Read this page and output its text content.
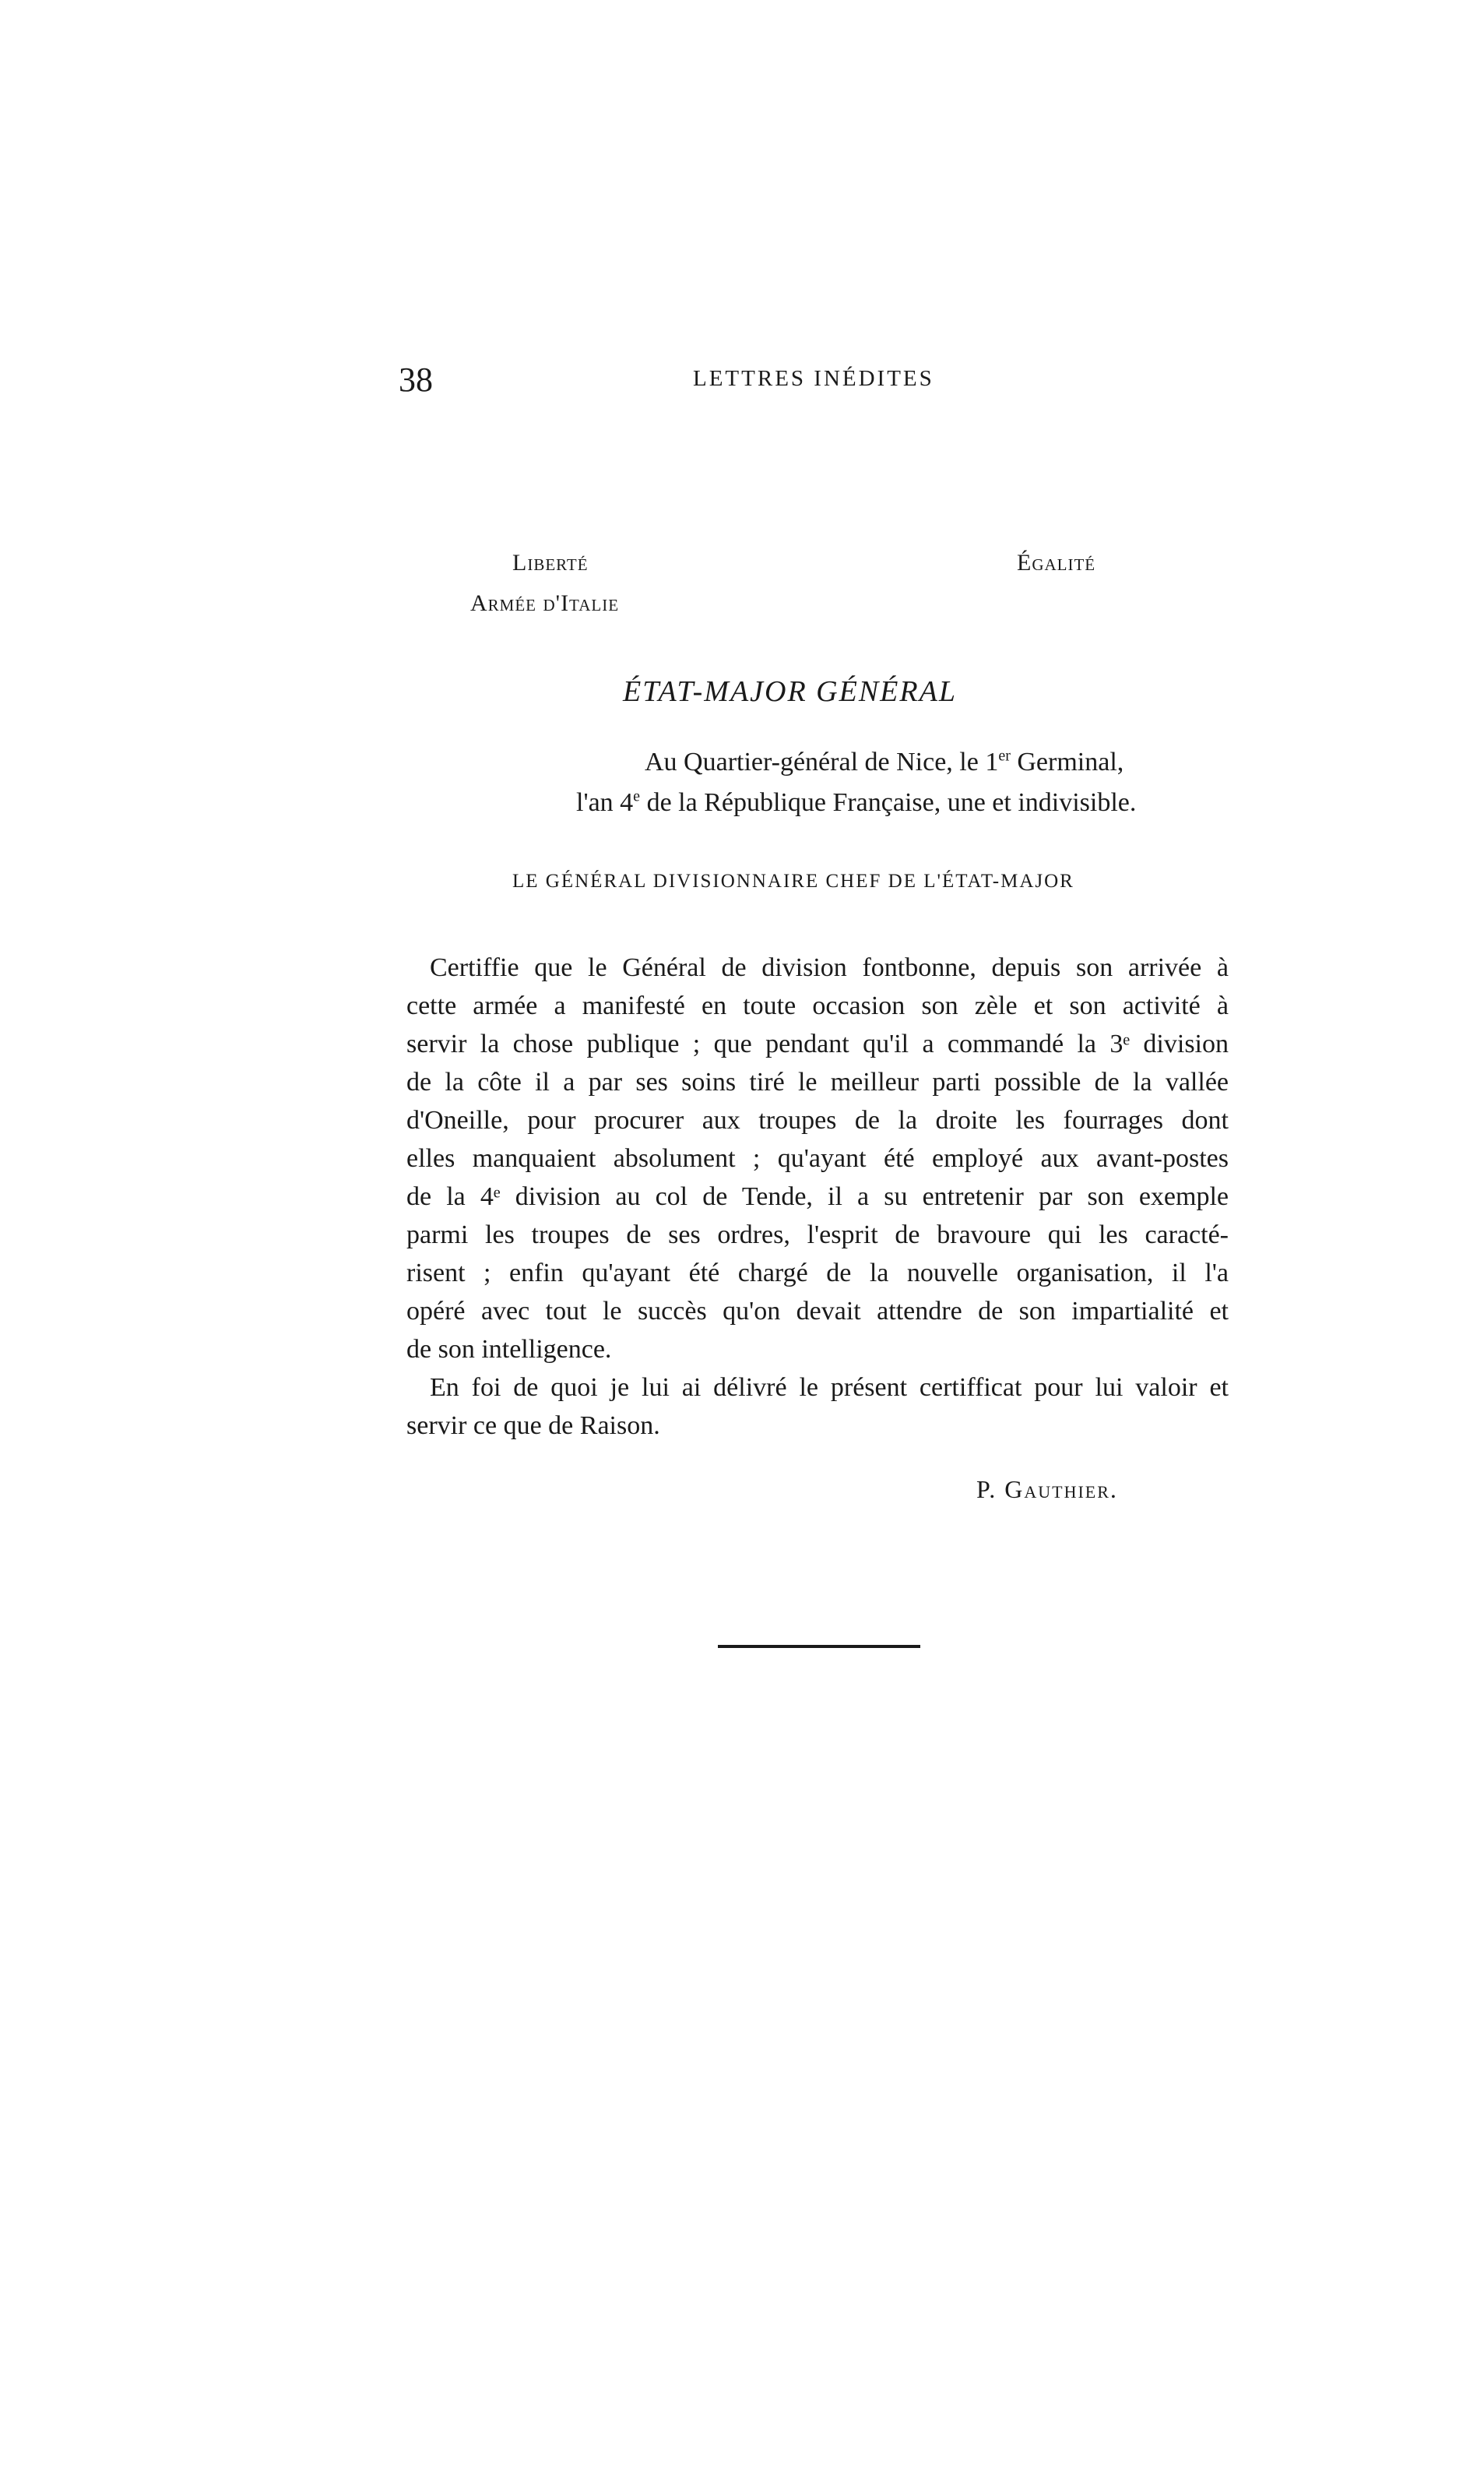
38	LETTRES INÉDITES
Liberté	Égalité
Armée d'Italie
ÉTAT-MAJOR GÉNÉRAL
Au Quartier-général de Nice, le 1er Germinal,
l'an 4e de la République Française, une et indivisible.
LE GÉNÉRAL DIVISIONNAIRE CHEF DE L'ÉTAT-MAJOR
Certiffie que le Général de division fontbonne, depuis son arrivée à
cette armée a manifesté en toute occasion son zèle et son activité à
servir la chose publique ; que pendant qu'il a commandé la 3ᵉ division
de la côte il a par ses soins tiré le meilleur parti possible de la vallée
d'Oneille, pour procurer aux troupes de la droite les fourrages dont
elles manquaient absolument ; qu'ayant été employé aux avant-postes
de la 4ᵉ division au col de Tende, il a su entretenir par son exemple
parmi les troupes de ses ordres, l'esprit de bravoure qui les caracté-
risent ; enfin qu'ayant été chargé de la nouvelle organisation, il l'a
opéré avec tout le succès qu'on devait attendre de son impartialité et
de son intelligence.
En foi de quoi je lui ai délivré le présent certifficat pour lui valoir et
servir ce que de Raison.
P. Gauthier.
